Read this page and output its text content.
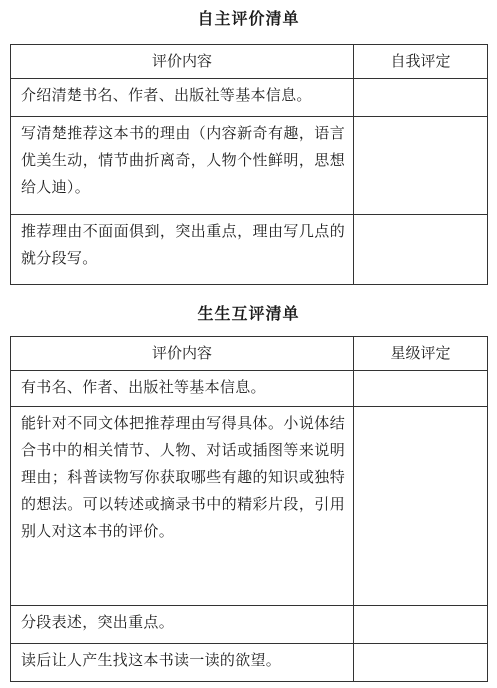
自主评价清单
评价内容	自我评定
介绍清楚书名、作者、出版社等基本信息。	
写清楚推荐这本书的理由（内容新奇有趣，语言优美生动，情节曲折离奇，人物个性鲜明，思想给人迪）。	
推荐理由不面面俱到，突出重点，理由写几点的就分段写。	
生生互评清单
评价内容	星级评定
有书名、作者、出版社等基本信息。	
能针对不同文体把推荐理由写得具体。小说体结合书中的相关情节、人物、对话或插图等来说明理由；科普读物写你获取哪些有趣的知识或独特的想法。可以转述或摘录书中的精彩片段，引用别人对这本书的评价。	
分段表述，突出重点。	
读后让人产生找这本书读一读的欲望。	
